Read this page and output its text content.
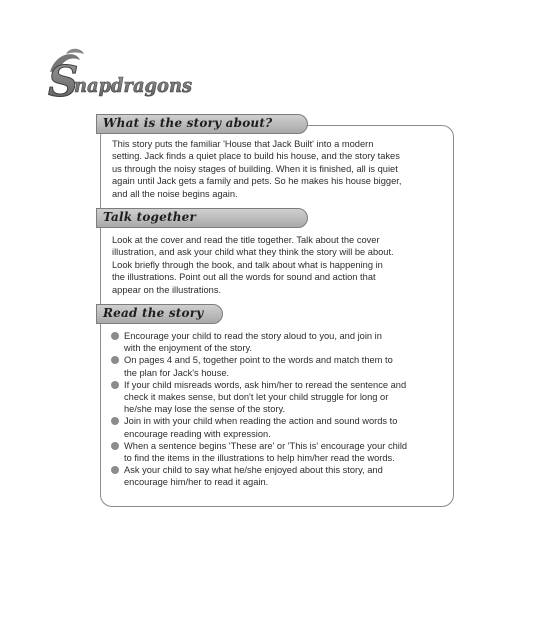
S
napdragons
What is the story about?

This story puts the familiar 'House that Jack Built' into a modern
setting. Jack finds a quiet place to build his house, and the story takes
us through the noisy stages of building. When it is finished, all is quiet
again until Jack gets a family and pets. So he makes his house bigger,
and all the noise begins again.

Talk together

Look at the cover and read the title together. Talk about the cover
illustration, and ask your child what they think the story will be about.
Look briefly through the book, and talk about what is happening in
the illustrations. Point out all the words for sound and action that
appear on the illustrations.

Read the story
Encourage your child to read the story aloud to you, and join in
with the enjoyment of the story.
On pages 4 and 5, together point to the words and match them to
the plan for Jack's house.
If your child misreads words, ask him/her to reread the sentence and
check it makes sense, but don't let your child struggle for long or
he/she may lose the sense of the story.
Join in with your child when reading the action and sound words to
encourage reading with expression.
When a sentence begins 'These are' or 'This is' encourage your child
to find the items in the illustrations to help him/her read the words.
Ask your child to say what he/she enjoyed about this story, and
encourage him/her to read it again.
